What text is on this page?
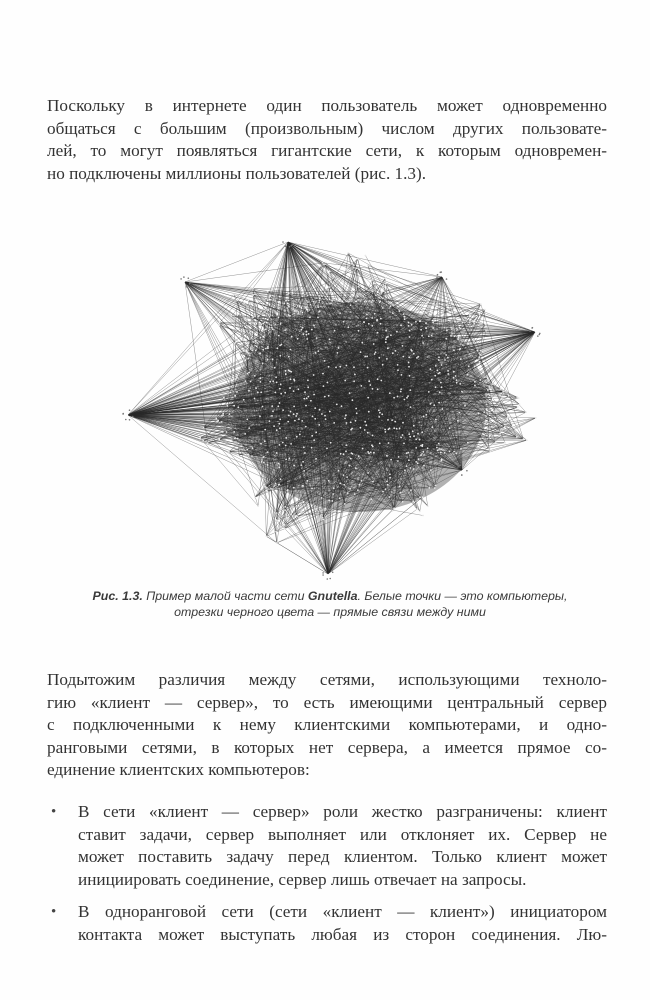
Поскольку в интернете один пользователь может одновременно
общаться с большим (произвольным) числом других пользовате-
лей, то могут появляться гигантские сети, к которым одновремен-
но подключены миллионы пользователей (рис. 1.3).

Рис. 1.3. Пример малой части сети Gnutella. Белые точки — это компьютеры,
отрезки черного цвета — прямые связи между ними

Подытожим различия между сетями, использующими техноло-
гию «клиент — сервер», то есть имеющими центральный сервер
с подключенными к нему клиентскими компьютерами, и одно-
ранговыми сетями, в которых нет сервера, а имеется прямое со-
единение клиентских компьютеров:

• В сети «клиент — сервер» роли жестко разграничены: клиент
ставит задачи, сервер выполняет или отклоняет их. Сервер не
может поставить задачу перед клиентом. Только клиент может
инициировать соединение, сервер лишь отвечает на запросы.
• В одноранговой сети (сети «клиент — клиент») инициатором
контакта может выступать любая из сторон соединения. Лю-
